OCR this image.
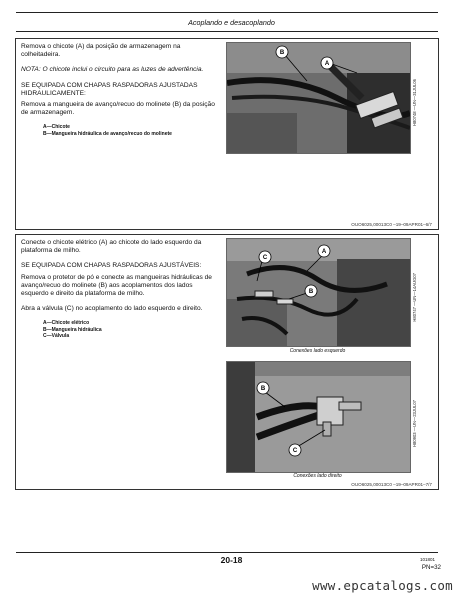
Acoplando e desacoplando

Remova o chicote (A) da posição de armazenagem na colheitadeira.

NOTA: O chicote inclui o circuito para as luzes de advertência.

SE EQUIPADA COM CHAPAS RASPADORAS AJUSTADAS HIDRAULICAMENTE:

Remova a mangueira de avanço/recuo do molinete (B) da posição de armazenagem.

A—Chicote
B—Mangueira hidráulica de avanço/recuo do molinete
B
A
H80748 —UN—31JUL06
OUO6025,00013C0 –19–09APR01–6/7

Conecte o chicote elétrico (A) ao chicote do lado esquerdo da plataforma de milho.

SE EQUIPADA COM CHAPAS RASPADORAS AJUSTÁVEIS:

Remova o protetor de pó e conecte as mangueiras hidráulicas de avanço/recuo do molinete (B) aos acoplamentos dos lados esquerdo e direito da plataforma de milho.

Abra a válvula (C) no acoplamento do lado esquerdo e direito.

A—Chicote elétrico
B—Mangueira hidráulica
C—Válvula
C
A
B	H80747 —UN—14AUG07
Conexões lado esquerdo
B
C
H80903 —UN—23JUL07
Conexões lado direito
OUO6025,00013C0 –19–09APR01–7/7
20-18	101801
PN=32
www.epcatalogs.com
